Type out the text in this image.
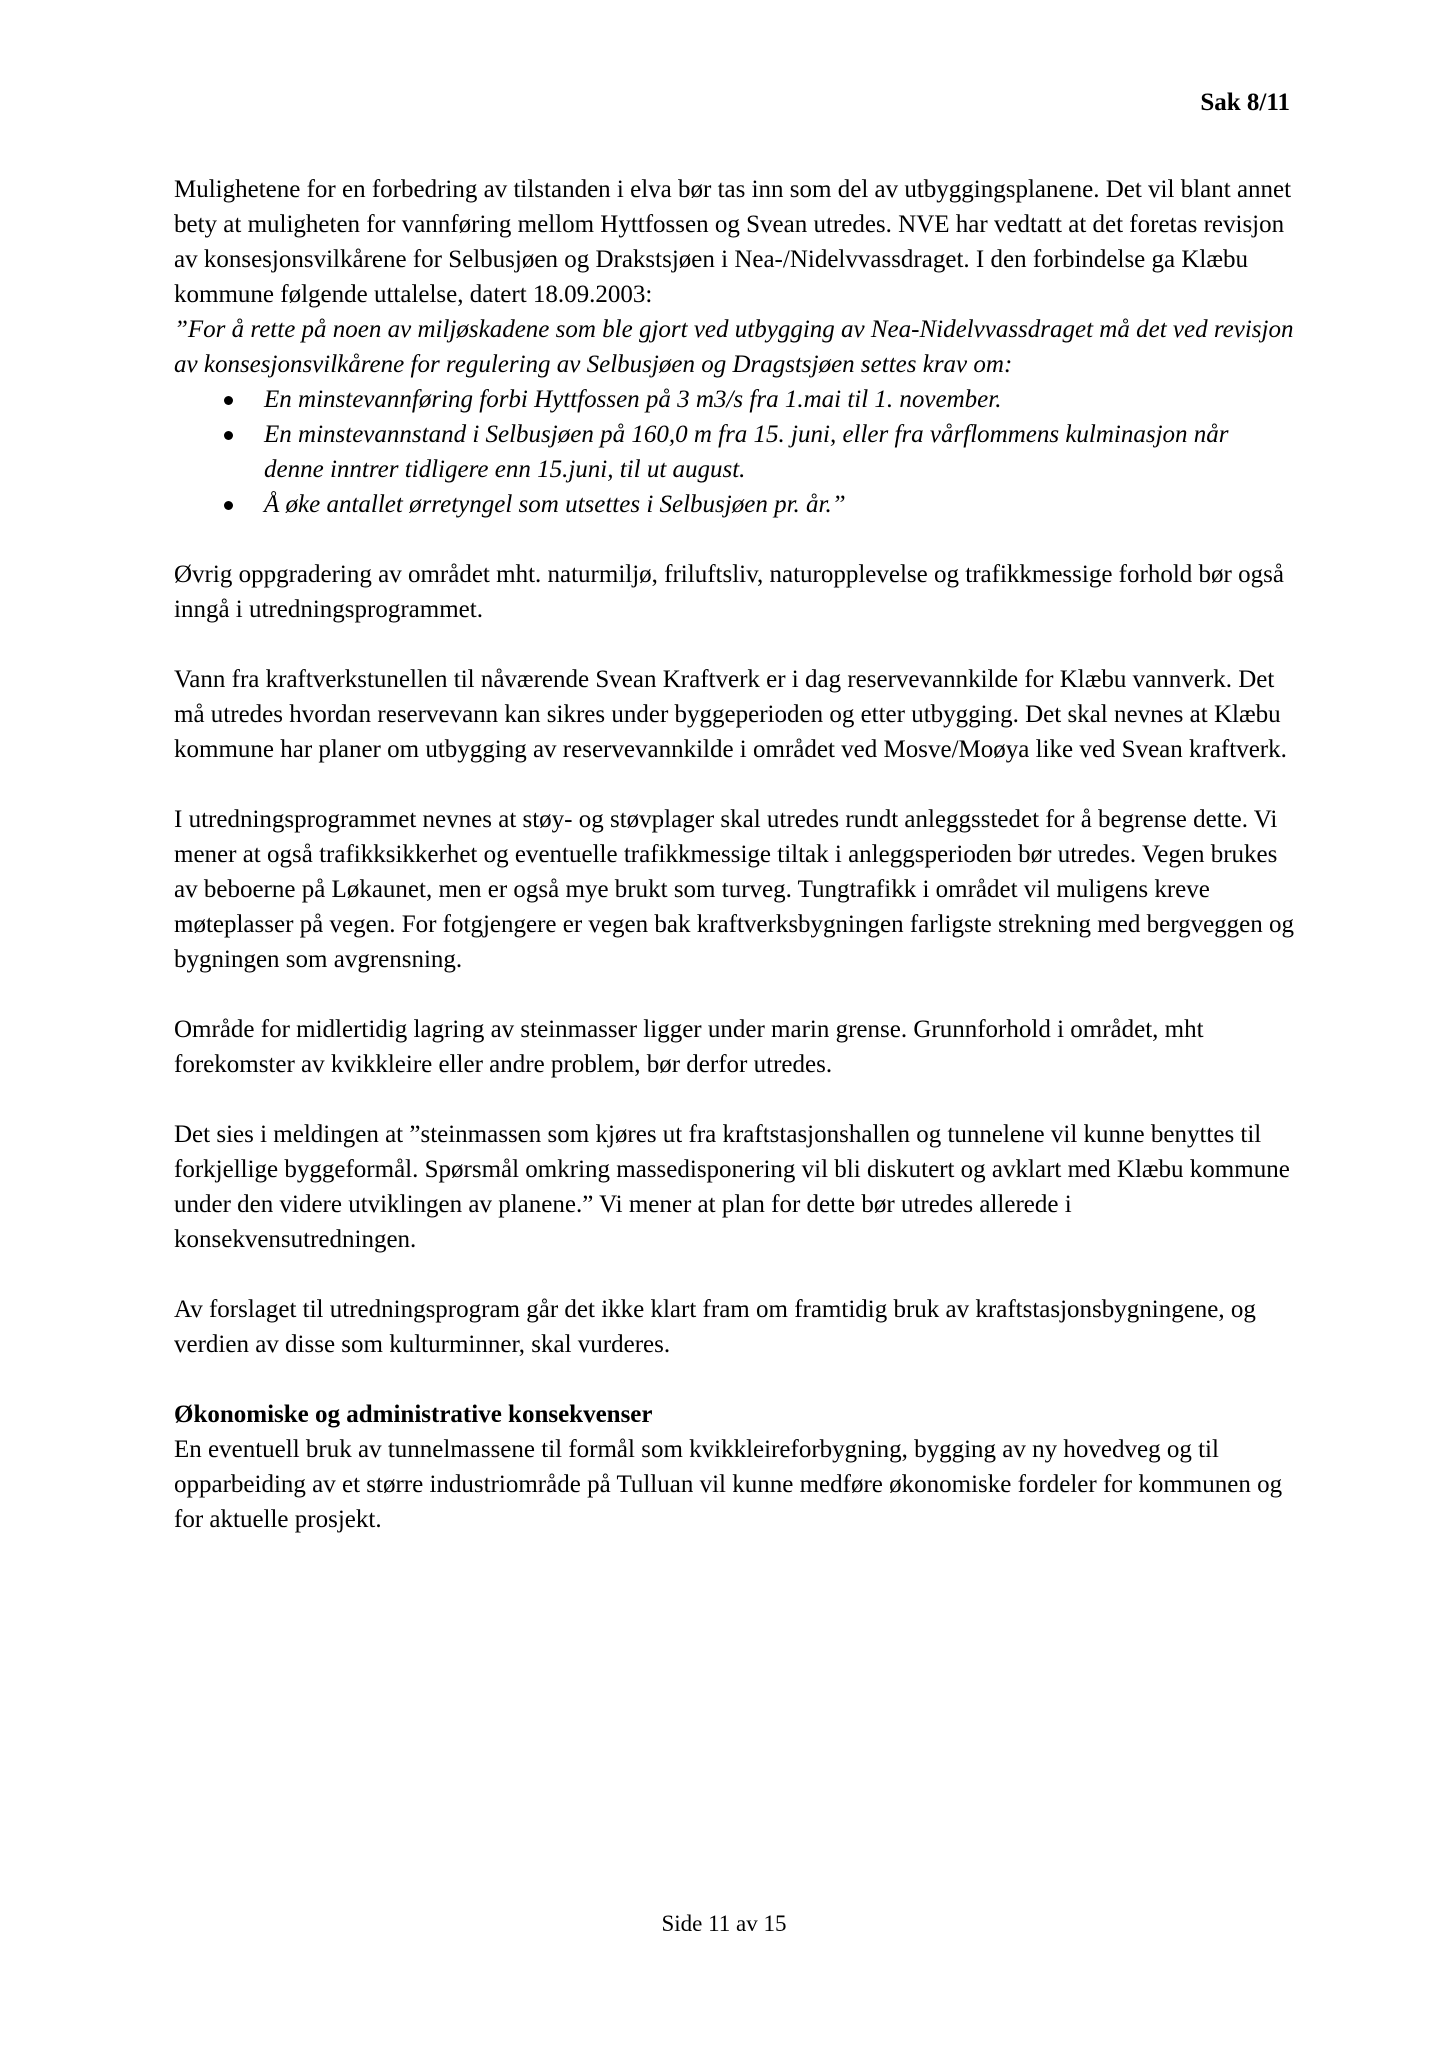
Sak 8/11

Mulighetene for en forbedring av tilstanden i elva bør tas inn som del av utbyggingsplanene. Det vil blant annet bety at muligheten for vannføring mellom Hyttfossen og Svean utredes. NVE har vedtatt at det foretas revisjon av konsesjonsvilkårene for Selbusjøen og Drakstsjøen i Nea-/Nidelvvassdraget. I den forbindelse ga Klæbu kommune følgende uttalelse, datert 18.09.2003:

”For å rette på noen av miljøskadene som ble gjort ved utbygging av Nea-Nidelvvassdraget må det ved revisjon av konsesjonsvilkårene for regulering av Selbusjøen og Dragstsjøen settes krav om:

En minstevannføring forbi Hyttfossen på 3 m3/s fra 1.mai til 1. november.
En minstevannstand i Selbusjøen på 160,0 m fra 15. juni, eller fra vårflommens kulminasjon når denne inntrer tidligere enn 15.juni, til ut august.
Å øke antallet ørretyngel som utsettes i Selbusjøen pr. år.”

Øvrig oppgradering av området mht. naturmiljø, friluftsliv, naturopplevelse og trafikkmessige forhold bør også inngå i utredningsprogrammet.

Vann fra kraftverkstunellen til nåværende Svean Kraftverk er i dag reservevannkilde for Klæbu vannverk. Det må utredes hvordan reservevann kan sikres under byggeperioden og etter utbygging. Det skal nevnes at Klæbu kommune har planer om utbygging av reservevannkilde i området ved Mosve/Moøya like ved Svean kraftverk.

I utredningsprogrammet nevnes at støy- og støvplager skal utredes rundt anleggsstedet for å begrense dette. Vi mener at også trafikksikkerhet og eventuelle trafikkmessige tiltak i anleggsperioden bør utredes. Vegen brukes av beboerne på Løkaunet, men er også mye brukt som turveg. Tungtrafikk i området vil muligens kreve møteplasser på vegen. For fotgjengere er vegen bak kraftverksbygningen farligste strekning med bergveggen og bygningen som avgrensning.

Område for midlertidig lagring av steinmasser ligger under marin grense. Grunnforhold i området, mht forekomster av kvikkleire eller andre problem, bør derfor utredes.

Det sies i meldingen at ”steinmassen som kjøres ut fra kraftstasjonshallen og tunnelene vil kunne benyttes til forkjellige byggeformål. Spørsmål omkring massedisponering vil bli diskutert og avklart med Klæbu kommune under den videre utviklingen av planene.” Vi mener at plan for dette bør utredes allerede i konsekvensutredningen.

Av forslaget til utredningsprogram går det ikke klart fram om framtidig bruk av kraftstasjonsbygningene, og verdien av disse som kulturminner, skal vurderes.

Økonomiske og administrative konsekvenser

En eventuell bruk av tunnelmassene til formål som kvikkleireforbygning, bygging av ny hovedveg og til opparbeiding av et større industriområde på Tulluan vil kunne medføre økonomiske fordeler for kommunen og for aktuelle prosjekt.

Side 11 av 15
